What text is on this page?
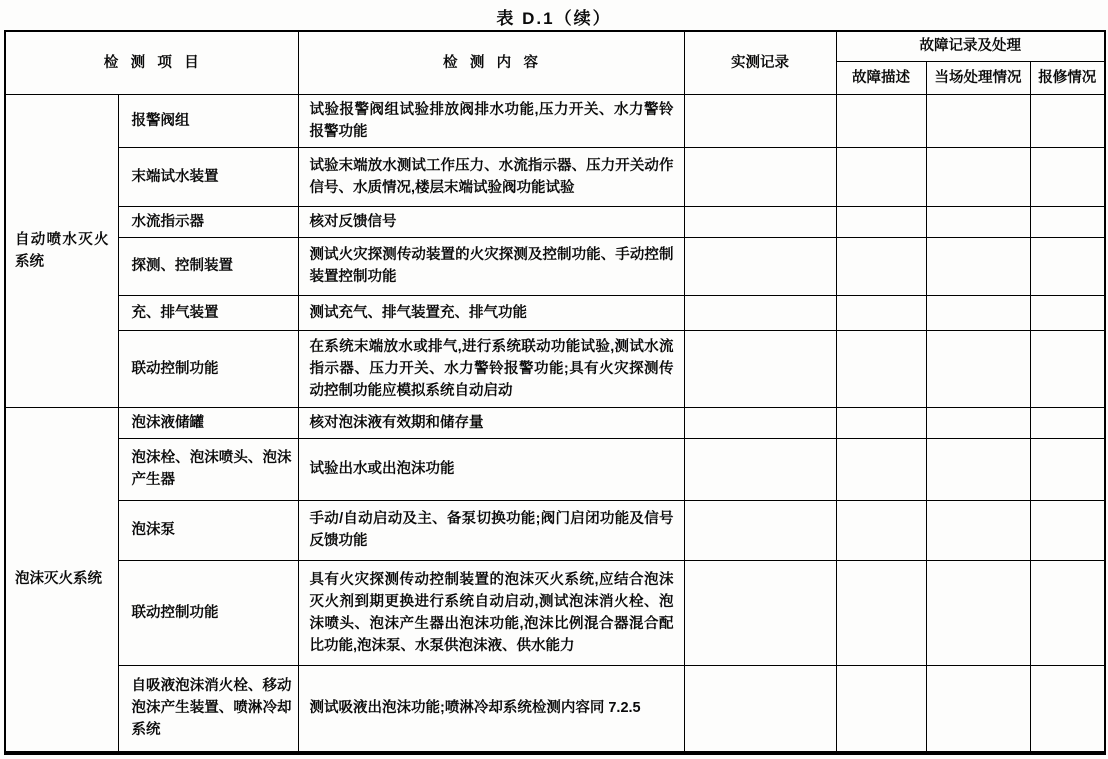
表 D.1（续）
检测项目		检测内容	实测记录	故障记录及处理		
				故障描述	当场处理情况	报修情况
自动喷水灭火系统	报警阀组	试验报警阀组试验排放阀排水功能,压力开关、水力警铃报警功能				
	末端试水装置	试验末端放水测试工作压力、水流指示器、压力开关动作信号、水质情况,楼层末端试验阀功能试验				
	水流指示器	核对反馈信号				
	探测、控制装置	测试火灾探测传动装置的火灾探测及控制功能、手动控制装置控制功能				
	充、排气装置	测试充气、排气装置充、排气功能				
	联动控制功能	在系统末端放水或排气,进行系统联动功能试验,测试水流指示器、压力开关、水力警铃报警功能;具有火灾探测传动控制功能应模拟系统自动启动				
泡沫灭火系统	泡沫液储罐	核对泡沫液有效期和储存量				
	泡沫栓、泡沫喷头、泡沫产生器	试验出水或出泡沫功能				
	泡沫泵	手动/自动启动及主、备泵切换功能;阀门启闭功能及信号反馈功能				
	联动控制功能	具有火灾探测传动控制装置的泡沫灭火系统,应结合泡沫灭火剂到期更换进行系统自动启动,测试泡沫消火栓、泡沫喷头、泡沫产生器出泡沫功能,泡沫比例混合器混合配比功能,泡沫泵、水泵供泡沫液、供水能力				
	自吸液泡沫消火栓、移动泡沫产生装置、喷淋冷却系统	测试吸液出泡沫功能;喷淋冷却系统检测内容同 7.2.5				
